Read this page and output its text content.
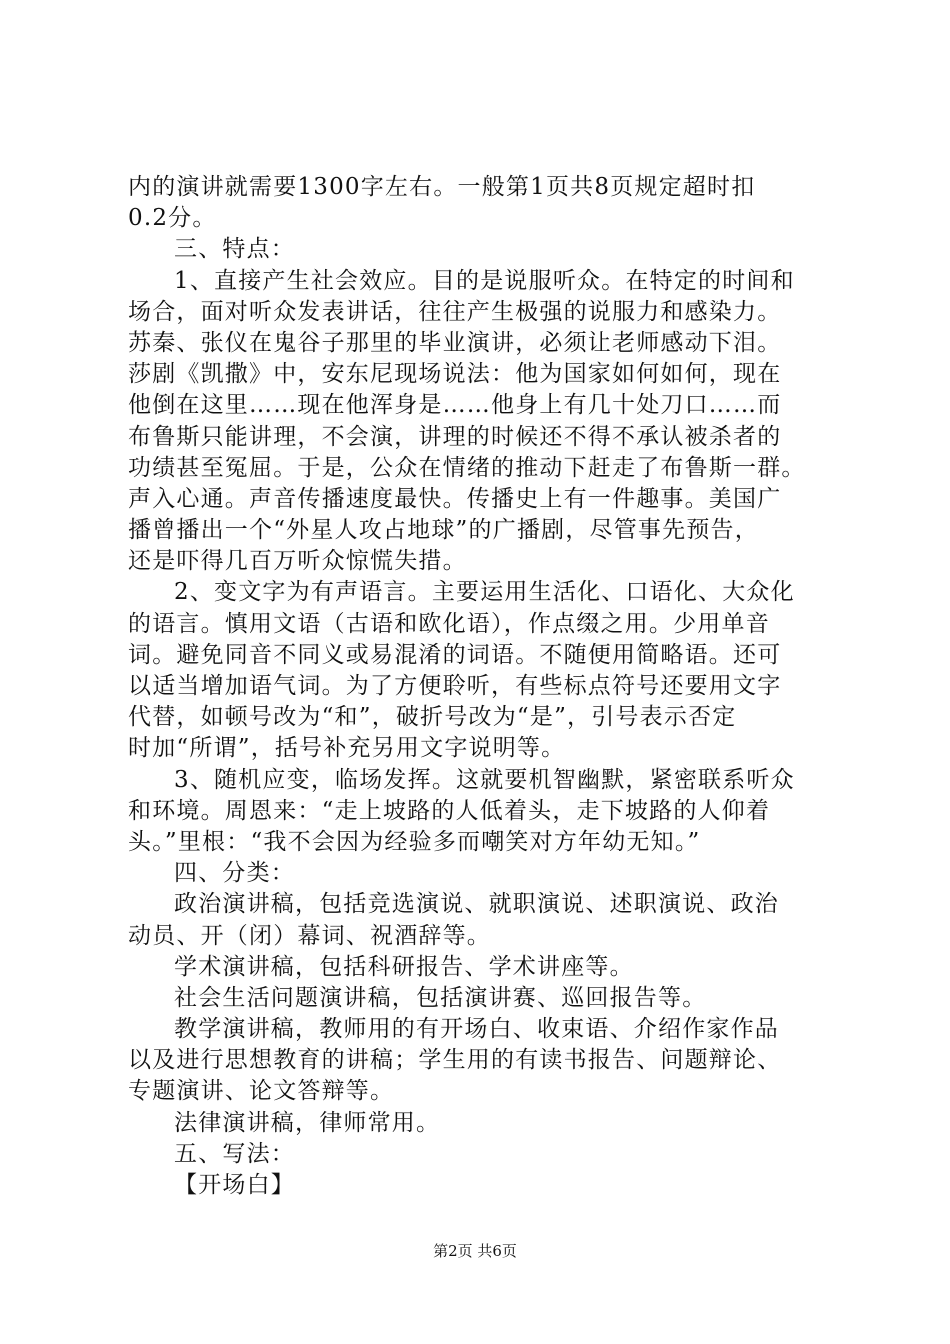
内的演讲就需要1300字左右。一般第1页共8页规定超时扣
0.2分。
三、特点：
1、直接产生社会效应。目的是说服听众。在特定的时间和
场合，面对听众发表讲话，往往产生极强的说服力和感染力。
苏秦、张仪在鬼谷子那里的毕业演讲，必须让老师感动下泪。
莎剧《凯撒》中，安东尼现场说法：他为国家如何如何，现在
他倒在这里……现在他浑身是……他身上有几十处刀口……而
布鲁斯只能讲理，不会演，讲理的时候还不得不承认被杀者的
功绩甚至冤屈。于是，公众在情绪的推动下赶走了布鲁斯一群。
声入心通。声音传播速度最快。传播史上有一件趣事。美国广
播曾播出一个“外星人攻占地球”的广播剧，尽管事先预告，
还是吓得几百万听众惊慌失措。
2、变文字为有声语言。主要运用生活化、口语化、大众化
的语言。慎用文语（古语和欧化语），作点缀之用。少用单音
词。避免同音不同义或易混淆的词语。不随便用简略语。还可
以适当增加语气词。为了方便聆听，有些标点符号还要用文字
代替，如顿号改为“和”，破折号改为“是”，引号表示否定
时加“所谓”，括号补充另用文字说明等。
3、随机应变，临场发挥。这就要机智幽默，紧密联系听众
和环境。周恩来：“走上坡路的人低着头，走下坡路的人仰着
头。”里根：“我不会因为经验多而嘲笑对方年幼无知。”
四、分类：
政治演讲稿，包括竞选演说、就职演说、述职演说、政治
动员、开（闭）幕词、祝酒辞等。
学术演讲稿，包括科研报告、学术讲座等。
社会生活问题演讲稿，包括演讲赛、巡回报告等。
教学演讲稿，教师用的有开场白、收束语、介绍作家作品
以及进行思想教育的讲稿；学生用的有读书报告、问题辩论、
专题演讲、论文答辩等。
法律演讲稿，律师常用。
五、写法：
【开场白】
第2页 共6页
